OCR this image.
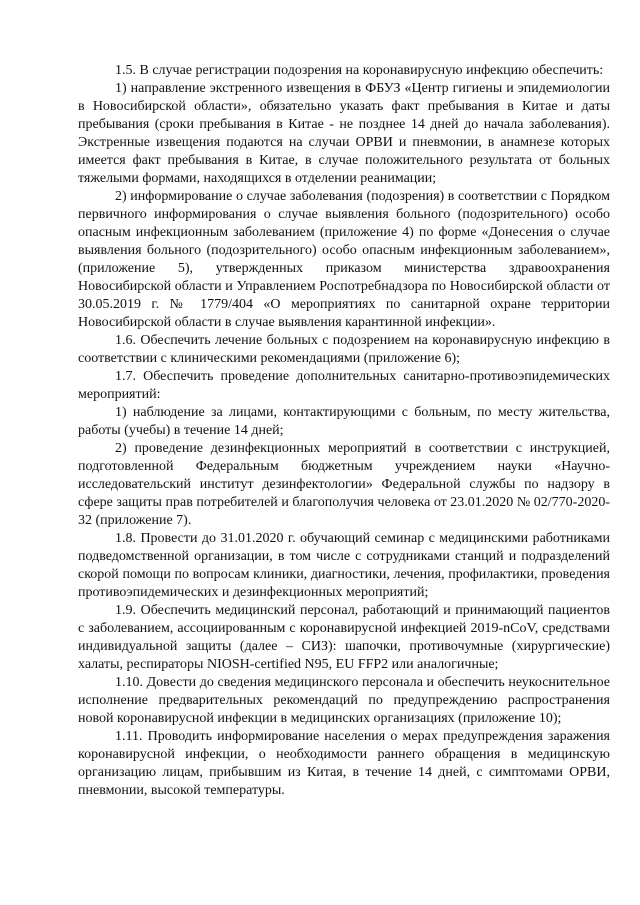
1.5. В случае регистрации подозрения на коронавирусную инфекцию обеспечить:

1) направление экстренного извещения в ФБУЗ «Центр гигиены и эпидемиологии в Новосибирской области», обязательно указать факт пребывания в Китае и даты пребывания (сроки пребывания в Китае - не позднее 14 дней до начала заболевания). Экстренные извещения подаются на случаи ОРВИ и пневмонии, в анамнезе которых имеется факт пребывания в Китае, в случае положительного результата от больных тяжелыми формами, находящихся в отделении реанимации;

2) информирование о случае заболевания (подозрения) в соответствии с Порядком первичного информирования о случае выявления больного (подозрительного) особо опасным инфекционным заболеванием (приложение 4) по форме «Донесения о случае выявления больного (подозрительного) особо опасным инфекционным заболеванием», (приложение 5), утвержденных приказом министерства здравоохранения Новосибирской области и Управлением Роспотребнадзора по Новосибирской области от 30.05.2019 г. № 1779/404 «О мероприятиях по санитарной охране территории Новосибирской области в случае выявления карантинной инфекции».

1.6. Обеспечить лечение больных с подозрением на коронавирусную инфекцию в соответствии с клиническими рекомендациями (приложение 6);

1.7. Обеспечить проведение дополнительных санитарно-противоэпидемических мероприятий:

1) наблюдение за лицами, контактирующими с больным, по месту жительства, работы (учебы) в течение 14 дней;

2) проведение дезинфекционных мероприятий в соответствии с инструкцией, подготовленной Федеральным бюджетным учреждением науки «Научно-исследовательский институт дезинфектологии» Федеральной службы по надзору в сфере защиты прав потребителей и благополучия человека от 23.01.2020 № 02/770-2020-32 (приложение 7).

1.8. Провести до 31.01.2020 г. обучающий семинар с медицинскими работниками подведомственной организации, в том числе с сотрудниками станций и подразделений скорой помощи по вопросам клиники, диагностики, лечения, профилактики, проведения противоэпидемических и дезинфекционных мероприятий;

1.9. Обеспечить медицинский персонал, работающий и принимающий пациентов с заболеванием, ассоциированным с коронавирусной инфекцией 2019-nCoV, средствами индивидуальной защиты (далее – СИЗ): шапочки, противочумные (хирургические) халаты, респираторы NIOSH-certified N95, EU FFP2 или аналогичные;

1.10. Довести до сведения медицинского персонала и обеспечить неукоснительное исполнение предварительных рекомендаций по предупреждению распространения новой коронавирусной инфекции в медицинских организациях (приложение 10);

1.11. Проводить информирование населения о мерах предупреждения заражения коронавирусной инфекции, о необходимости раннего обращения в медицинскую организацию лицам, прибывшим из Китая, в течение 14 дней, с симптомами ОРВИ, пневмонии, высокой температуры.
